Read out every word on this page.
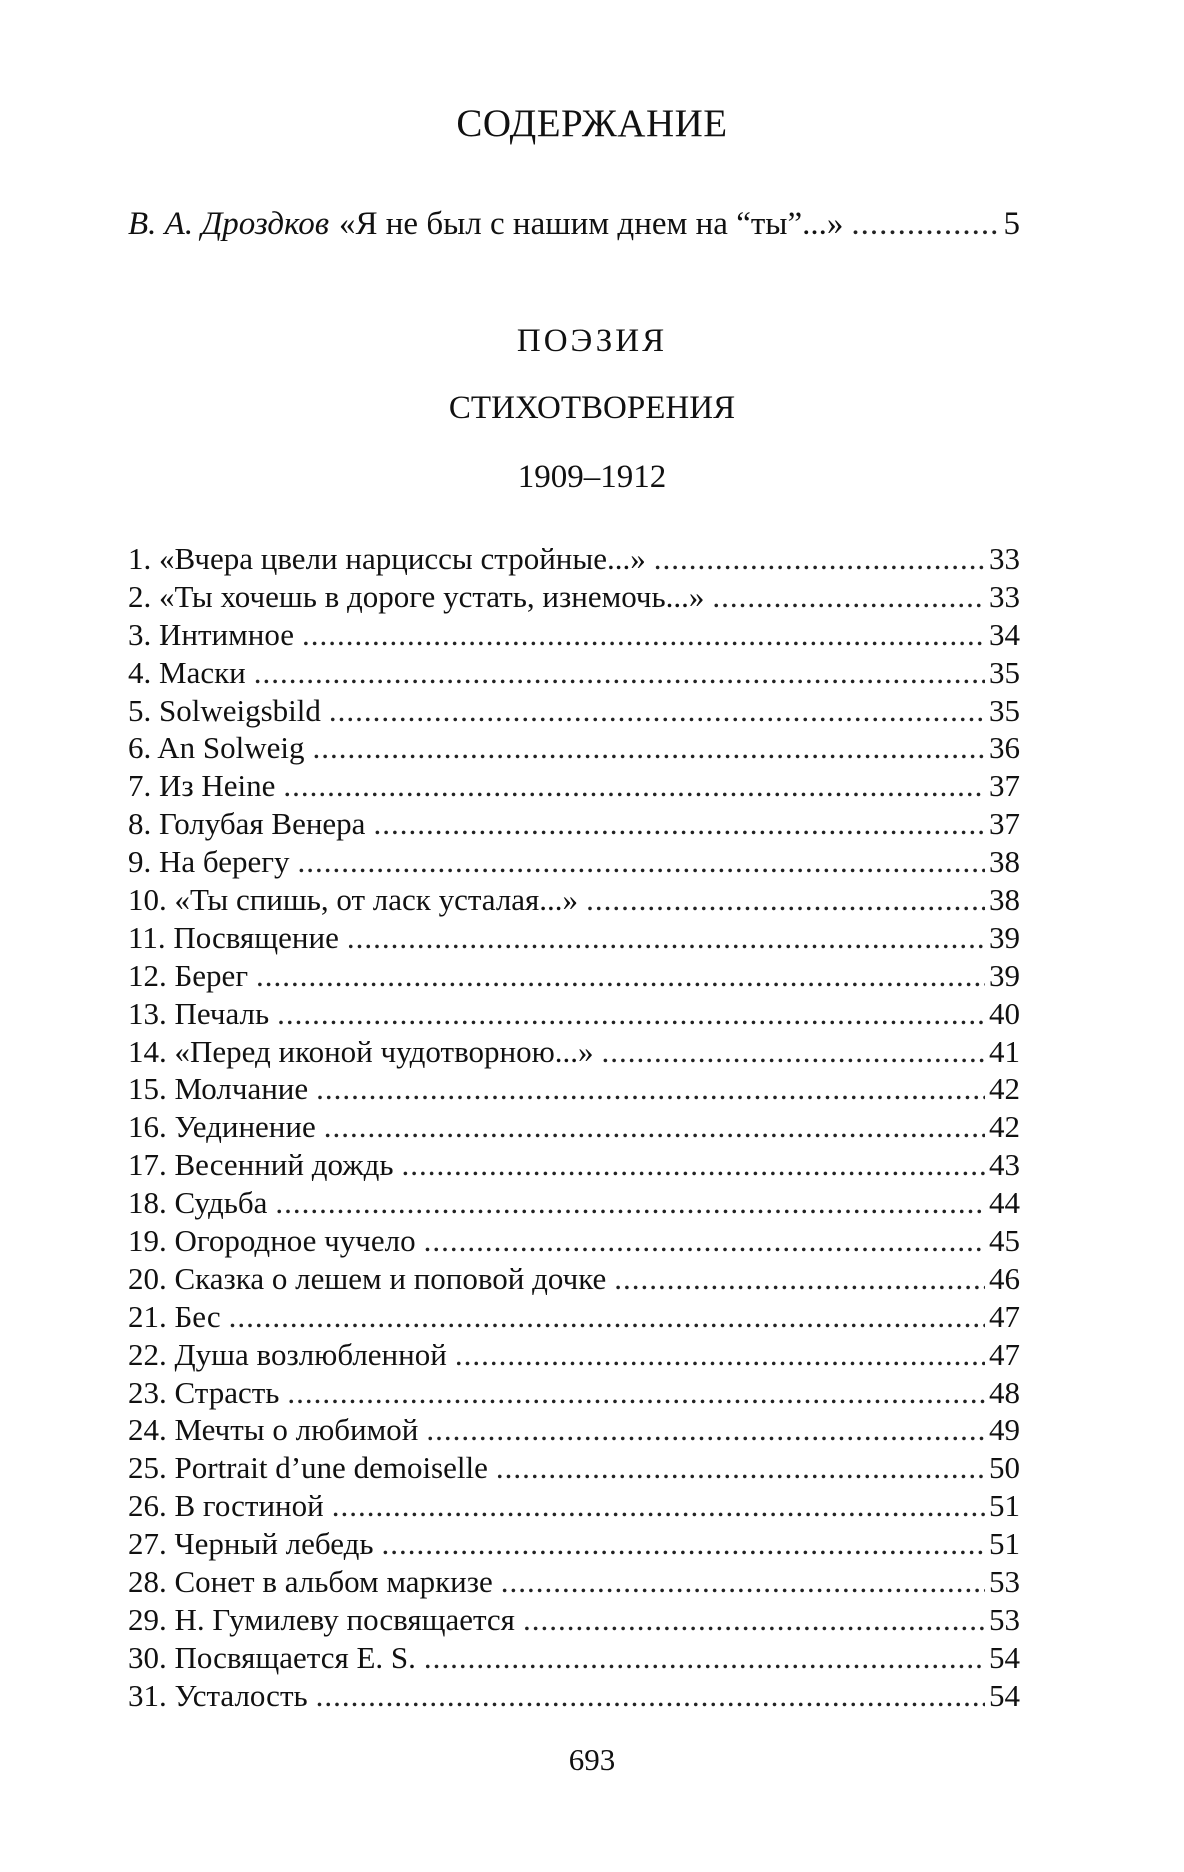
СОДЕРЖАНИЕ
В. А. Дроздков «Я не был с нашим днем на “ты”...» .....	5
ПОЭЗИЯ
СТИХОТВОРЕНИЯ
1909–1912
1. «Вчера цвели нарциссы стройные...» .....	33
2. «Ты хочешь в дороге устать, изнемочь...» .....	33
3. Интимное .....	34
4. Маски .....	35
5. Solweigsbild .....	35
6. An Solweig .....	36
7. Из Heine .....	37
8. Голубая Венера .....	37
9. На берегу .....	38
10. «Ты спишь, от ласк усталая...» .....	38
11. Посвящение .....	39
12. Берег .....	39
13. Печаль .....	40
14. «Перед иконой чудотворною...» .....	41
15. Молчание .....	42
16. Уединение .....	42
17. Весенний дождь .....	43
18. Судьба .....	44
19. Огородное чучело .....	45
20. Сказка о лешем и поповой дочке .....	46
21. Бес .....	47
22. Душа возлюбленной .....	47
23. Страсть .....	48
24. Мечты о любимой .....	49
25. Portrait d’une demoiselle .....	50
26. В гостиной .....	51
27. Черный лебедь .....	51
28. Сонет в альбом маркизе .....	53
29. Н. Гумилеву посвящается .....	53
30. Посвящается E. S. .....	54
31. Усталость .....	54
693
